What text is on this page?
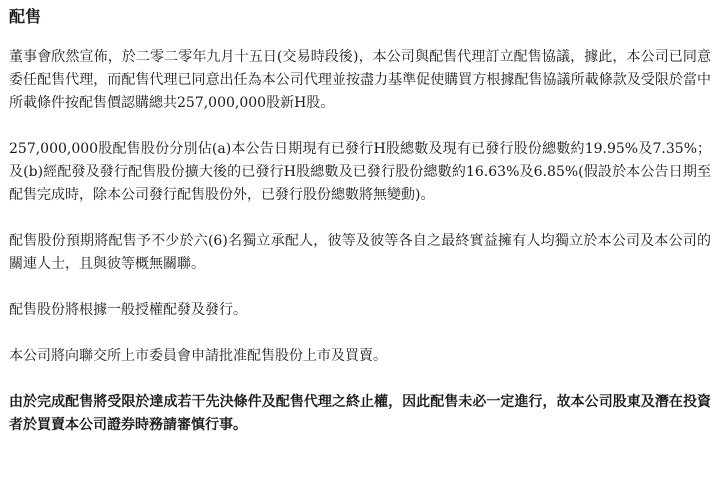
配售

董事會欣然宣佈，於二零二零年九月十五日(交易時段後)，本公司與配售代理訂立配售協議，據此，本公司已同意委任配售代理，而配售代理已同意出任為本公司代理並按盡力基準促使購買方根據配售協議所載條款及受限於當中所載條件按配售價認購總共257,000,000股新H股。

257,000,000股配售股份分別佔(a)本公告日期現有已發行H股總數及現有已發行股份總數約19.95%及7.35%；及(b)經配發及發行配售股份擴大後的已發行H股總數及已發行股份總數約16.63%及6.85%(假設於本公告日期至配售完成時，除本公司發行配售股份外，已發行股份總數將無變動)。

配售股份預期將配售予不少於六(6)名獨立承配人，彼等及彼等各自之最終實益擁有人均獨立於本公司及本公司的關連人士，且與彼等概無關聯。

配售股份將根據一般授權配發及發行。

本公司將向聯交所上市委員會申請批准配售股份上市及買賣。

由於完成配售將受限於達成若干先決條件及配售代理之終止權，因此配售未必一定進行，故本公司股東及潛在投資者於買賣本公司證券時務請審慎行事。
